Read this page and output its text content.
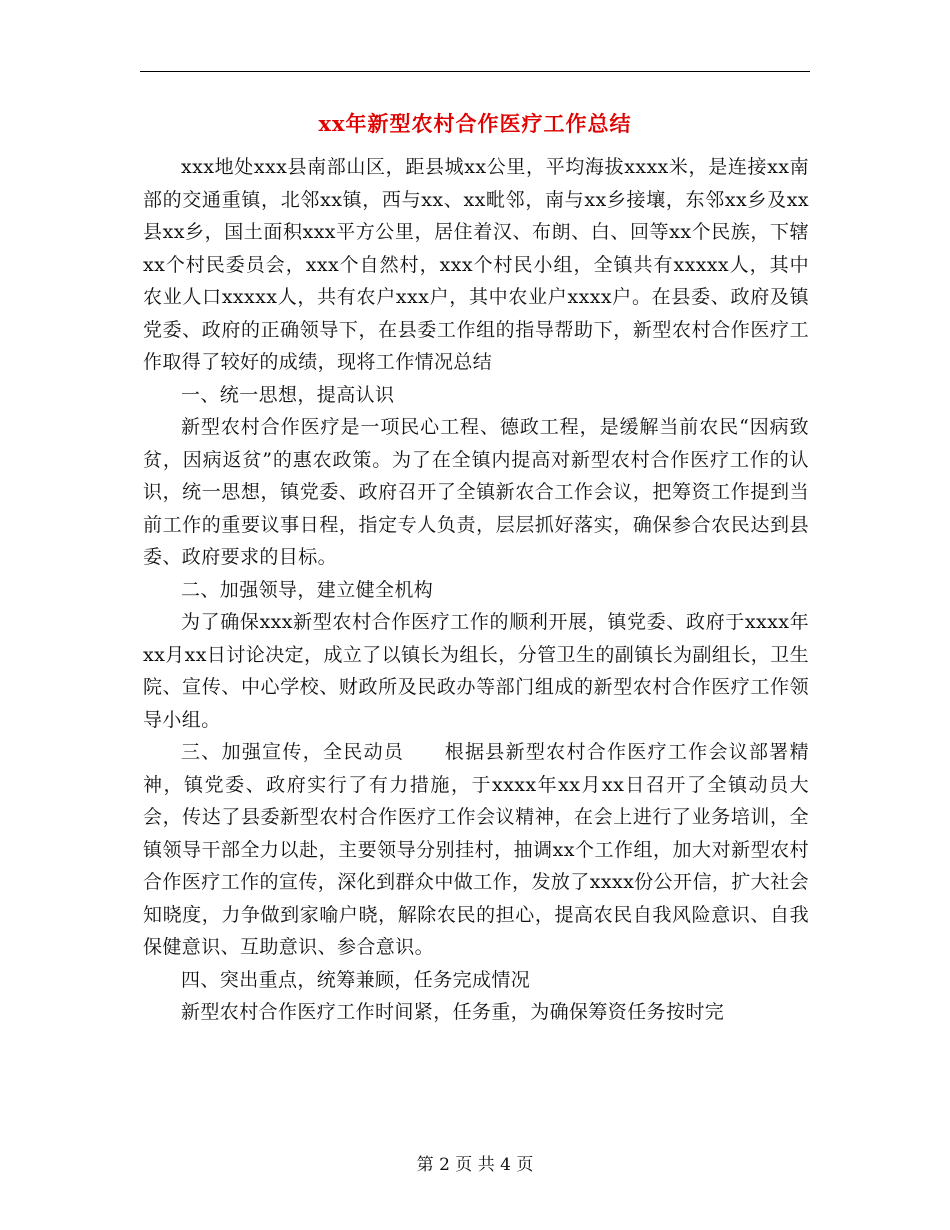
xx年新型农村合作医疗工作总结

xxx地处xxx县南部山区，距县城xx公里，平均海拔xxxx米，是连接xx南部的交通重镇，北邻xx镇，西与xx、xx毗邻，南与xx乡接壤，东邻xx乡及xx县xx乡，国土面积xxx平方公里，居住着汉、布朗、白、回等xx个民族，下辖xx个村民委员会，xxx个自然村，xxx个村民小组，全镇共有xxxxx人，其中农业人口xxxxx人，共有农户xxx户，其中农业户xxxx户。在县委、政府及镇党委、政府的正确领导下，在县委工作组的指导帮助下，新型农村合作医疗工作取得了较好的成绩，现将工作情况总结

一、统一思想，提高认识

新型农村合作医疗是一项民心工程、德政工程，是缓解当前农民“因病致贫，因病返贫”的惠农政策。为了在全镇内提高对新型农村合作医疗工作的认识，统一思想，镇党委、政府召开了全镇新农合工作会议，把筹资工作提到当前工作的重要议事日程，指定专人负责，层层抓好落实，确保参合农民达到县委、政府要求的目标。

二、加强领导，建立健全机构

为了确保xxx新型农村合作医疗工作的顺利开展，镇党委、政府于xxxx年xx月xx日讨论决定，成立了以镇长为组长，分管卫生的副镇长为副组长，卫生院、宣传、中心学校、财政所及民政办等部门组成的新型农村合作医疗工作领导小组。

三、加强宣传，全民动员　　根据县新型农村合作医疗工作会议部署精神，镇党委、政府实行了有力措施，于xxxx年xx月xx日召开了全镇动员大会，传达了县委新型农村合作医疗工作会议精神，在会上进行了业务培训，全镇领导干部全力以赴，主要领导分别挂村，抽调xx个工作组，加大对新型农村合作医疗工作的宣传，深化到群众中做工作，发放了xxxx份公开信，扩大社会知晓度，力争做到家喻户晓，解除农民的担心，提高农民自我风险意识、自我保健意识、互助意识、参合意识。

四、突出重点，统筹兼顾，任务完成情况

新型农村合作医疗工作时间紧，任务重，为确保筹资任务按时完

第 2 页 共 4 页
